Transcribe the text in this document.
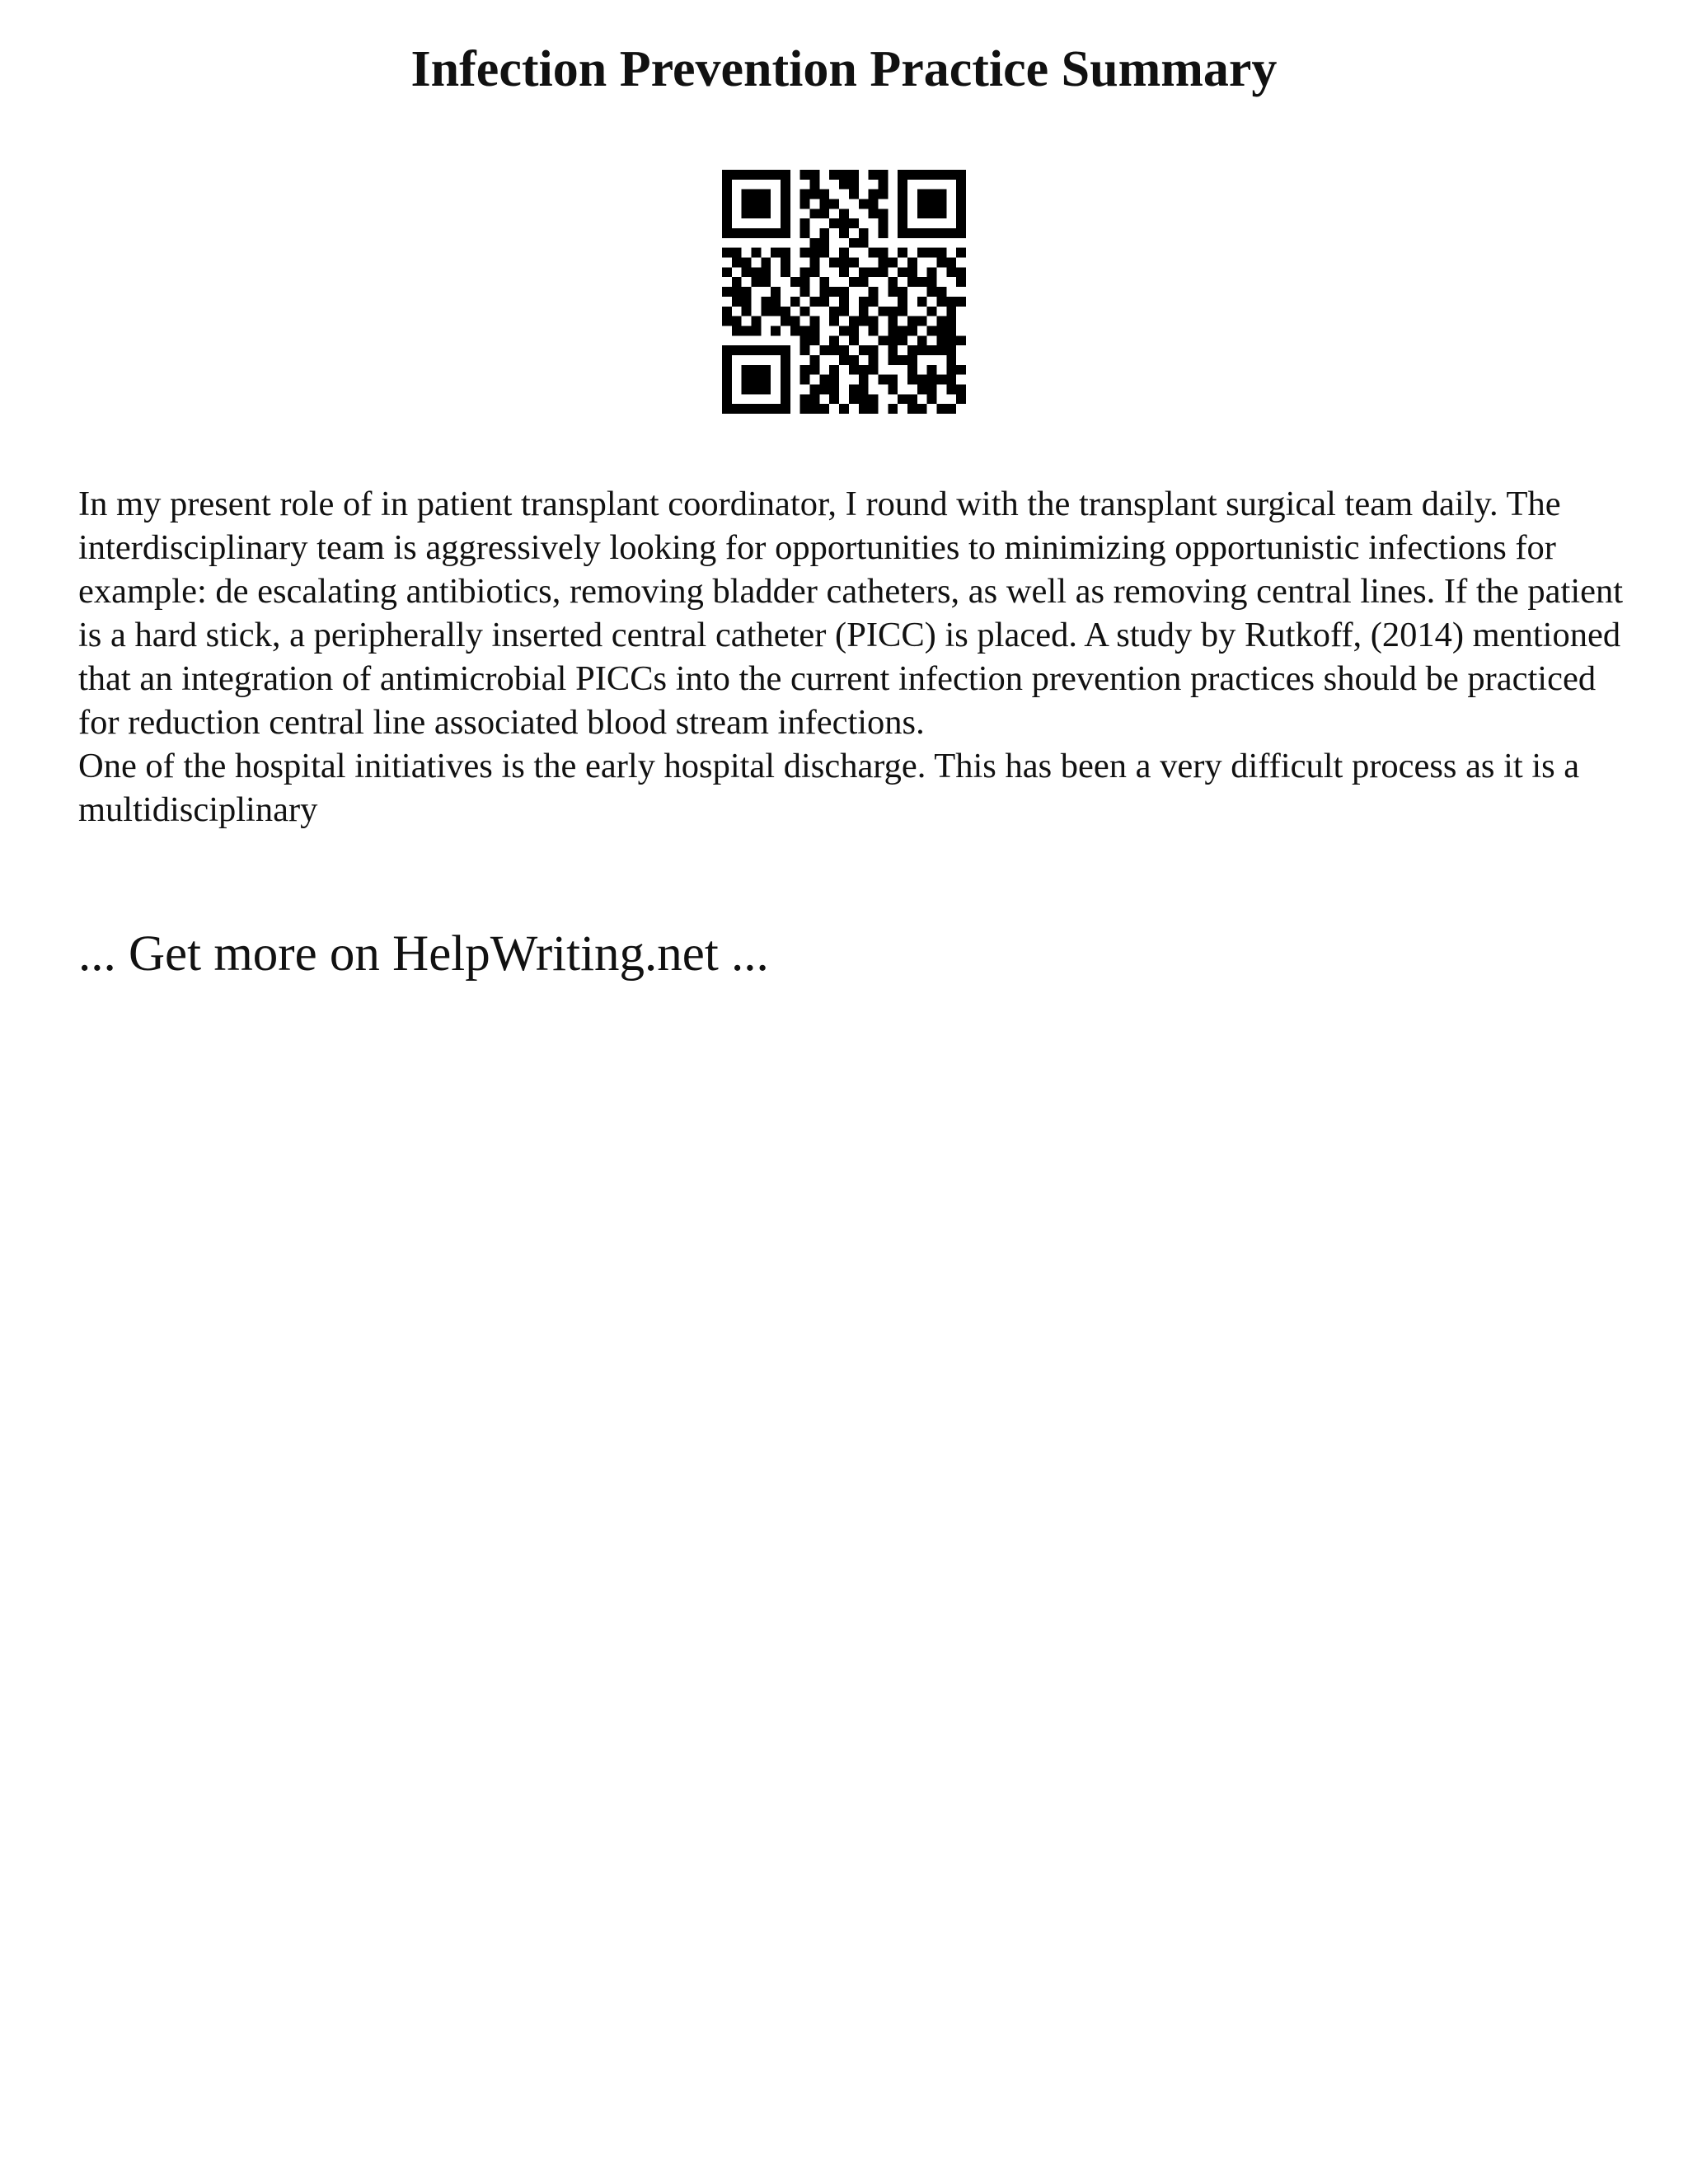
Infection Prevention Practice Summary

In my present role of in patient transplant coordinator, I round with the transplant surgical team daily. The interdisciplinary team is aggressively looking for opportunities to minimizing opportunistic infections for example: de escalating antibiotics, removing bladder catheters, as well as removing central lines. If the patient is a hard stick, a peripherally inserted central catheter (PICC) is placed. A study by Rutkoff, (2014) mentioned that an integration of antimicrobial PICCs into the current infection prevention practices should be practiced for reduction central line associated blood stream infections.

One of the hospital initiatives is the early hospital discharge. This has been a very difficult process as it is a multidisciplinary

... Get more on HelpWriting.net ...
